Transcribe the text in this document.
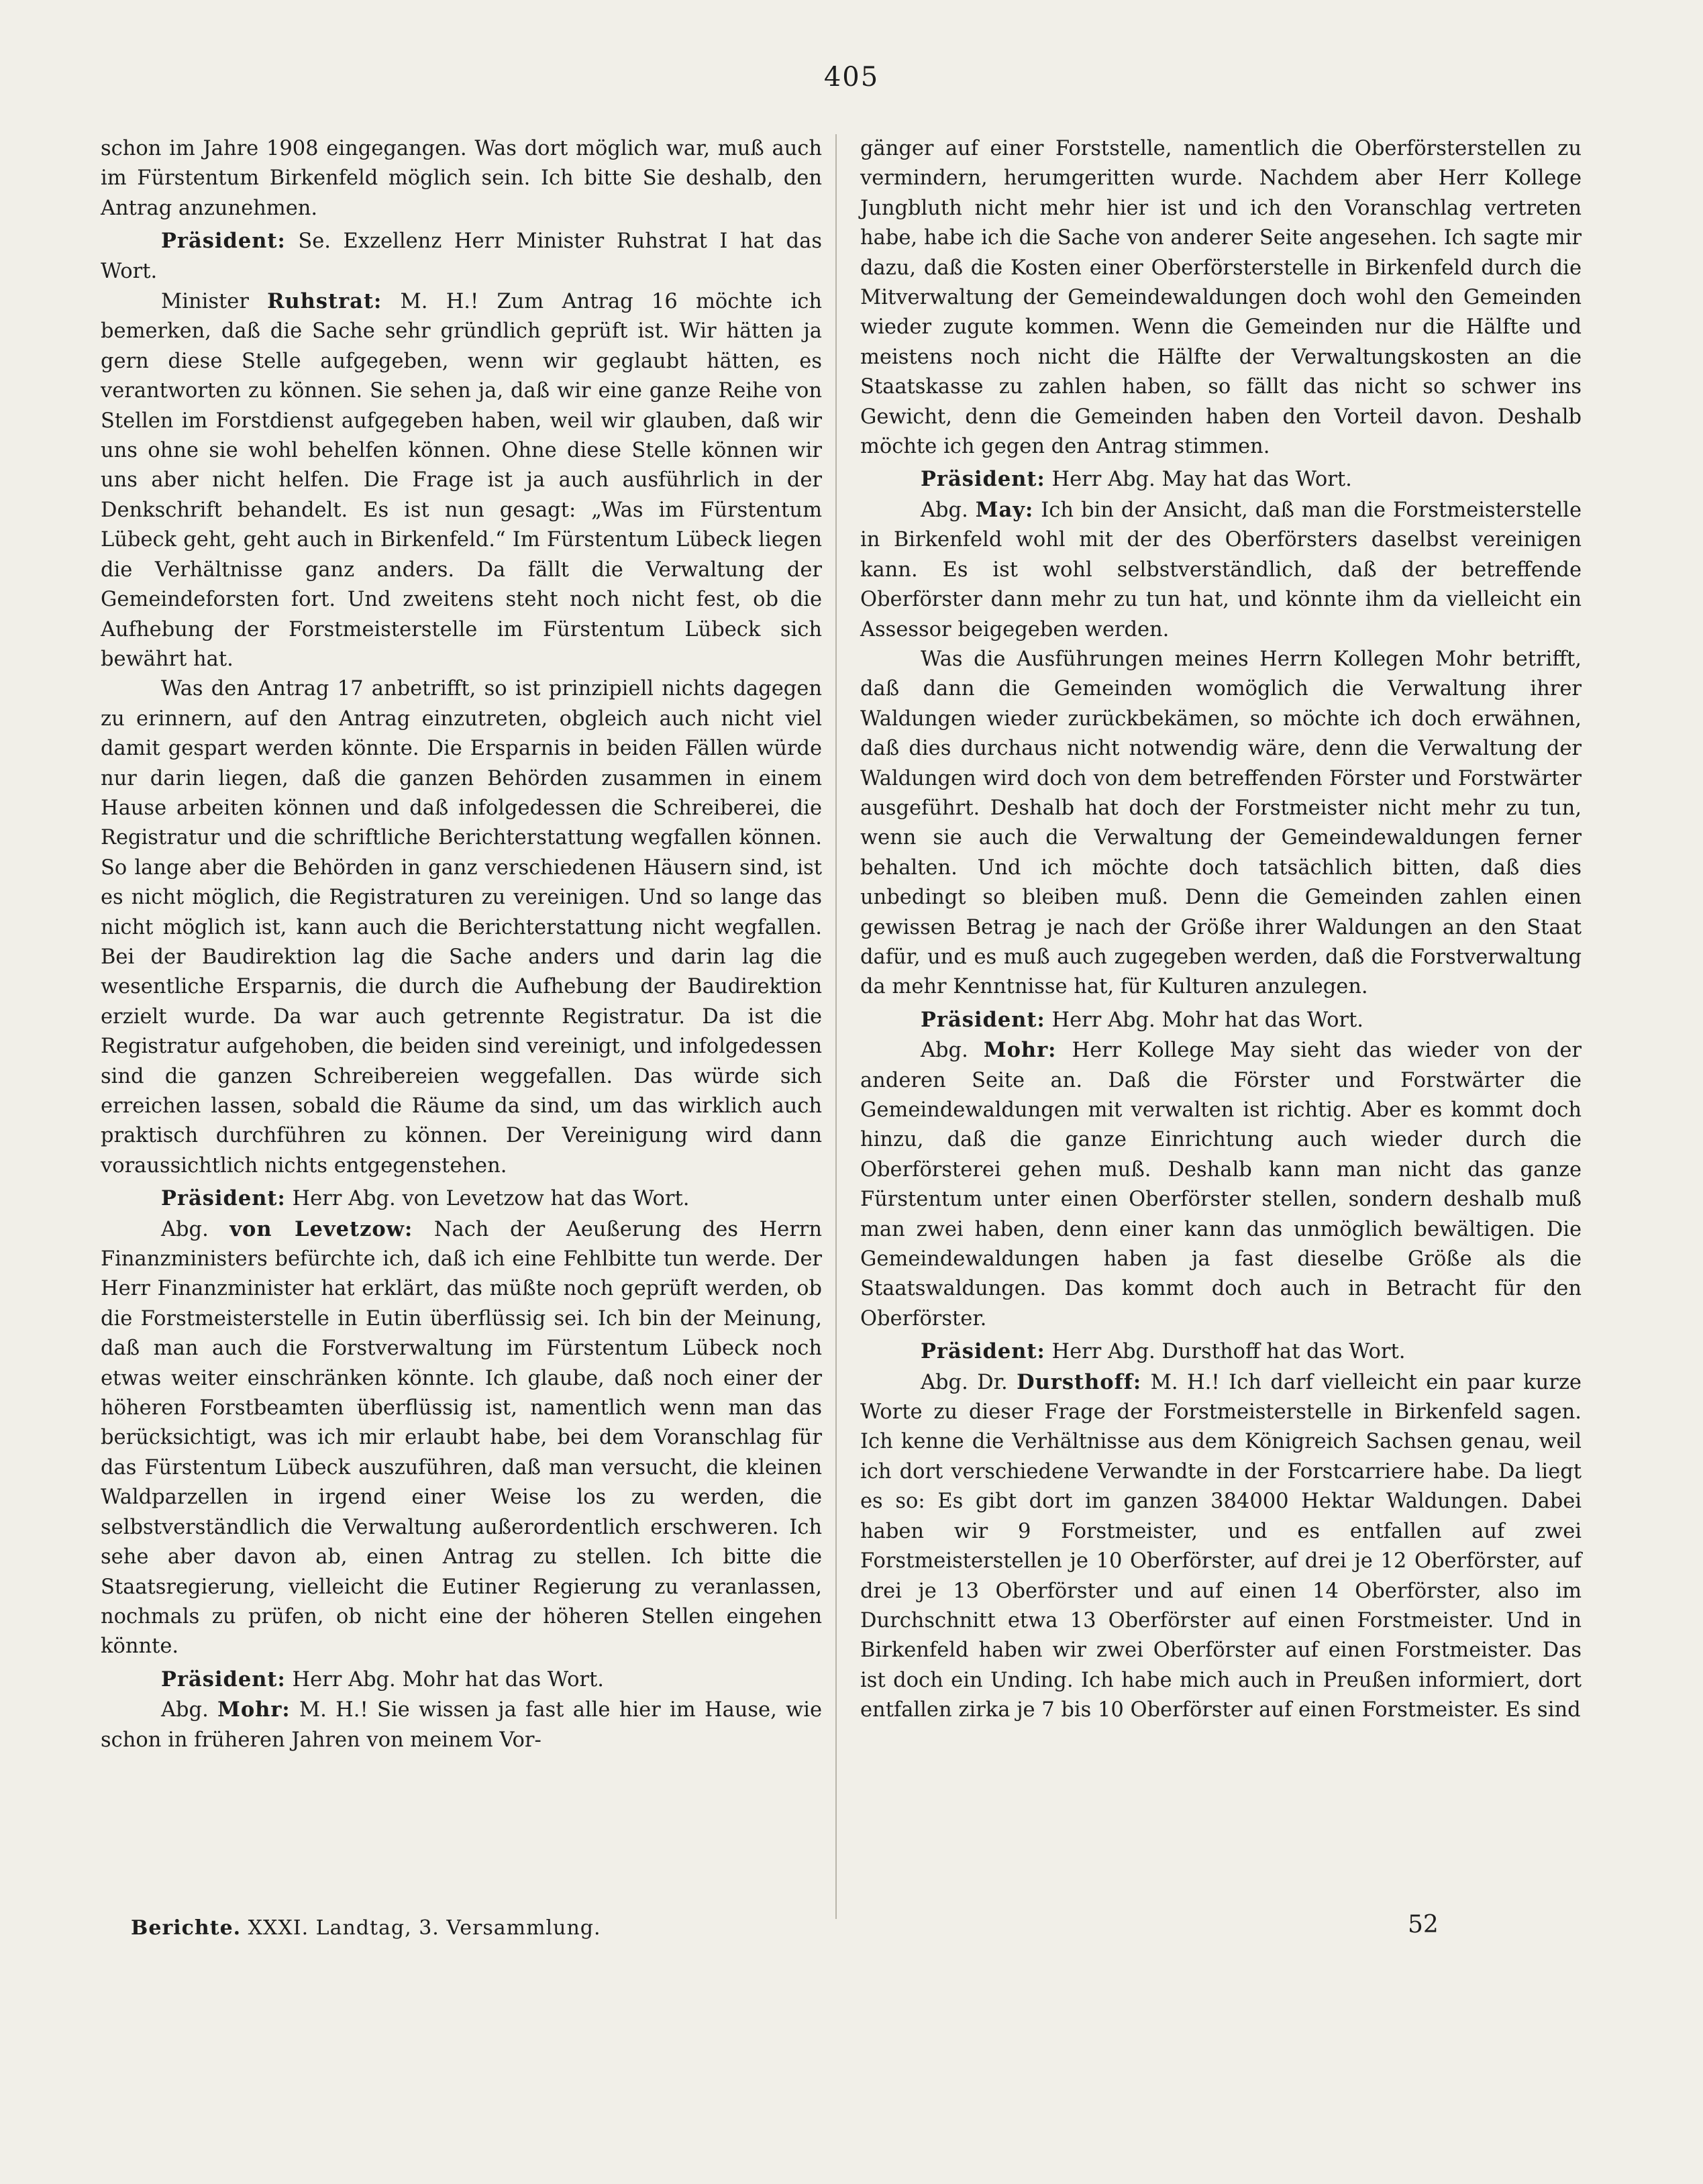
405

schon im Jahre 1908 eingegangen. Was dort möglich war, muß auch im Fürstentum Birkenfeld möglich sein. Ich bitte Sie deshalb, den Antrag anzunehmen.

Präsident: Se. Exzellenz Herr Minister Ruhstrat I hat das Wort.

Minister Ruhstrat: M. H.! Zum Antrag 16 möchte ich bemerken, daß die Sache sehr gründlich geprüft ist. Wir hätten ja gern diese Stelle aufgegeben, wenn wir geglaubt hätten, es verantworten zu können. Sie sehen ja, daß wir eine ganze Reihe von Stellen im Forstdienst aufgegeben haben, weil wir glauben, daß wir uns ohne sie wohl behelfen können. Ohne diese Stelle können wir uns aber nicht helfen. Die Frage ist ja auch ausführlich in der Denkschrift behandelt. Es ist nun gesagt: „Was im Fürstentum Lübeck geht, geht auch in Birkenfeld.“ Im Fürstentum Lübeck liegen die Verhältnisse ganz anders. Da fällt die Verwaltung der Gemeindeforsten fort. Und zweitens steht noch nicht fest, ob die Aufhebung der Forstmeisterstelle im Fürstentum Lübeck sich bewährt hat.

Was den Antrag 17 anbetrifft, so ist prinzipiell nichts dagegen zu erinnern, auf den Antrag einzutreten, obgleich auch nicht viel damit gespart werden könnte. Die Ersparnis in beiden Fällen würde nur darin liegen, daß die ganzen Behörden zusammen in einem Hause arbeiten können und daß infolgedessen die Schreiberei, die Registratur und die schriftliche Berichterstattung wegfallen können. So lange aber die Behörden in ganz verschiedenen Häusern sind, ist es nicht möglich, die Registraturen zu vereinigen. Und so lange das nicht möglich ist, kann auch die Berichterstattung nicht wegfallen. Bei der Baudirektion lag die Sache anders und darin lag die wesentliche Ersparnis, die durch die Aufhebung der Baudirektion erzielt wurde. Da war auch getrennte Registratur. Da ist die Registratur aufgehoben, die beiden sind vereinigt, und infolgedessen sind die ganzen Schreibereien weggefallen. Das würde sich erreichen lassen, sobald die Räume da sind, um das wirklich auch praktisch durchführen zu können. Der Vereinigung wird dann voraussichtlich nichts entgegenstehen.

Präsident: Herr Abg. von Levetzow hat das Wort.

Abg. von Levetzow: Nach der Aeußerung des Herrn Finanzministers befürchte ich, daß ich eine Fehlbitte tun werde. Der Herr Finanzminister hat erklärt, das müßte noch geprüft werden, ob die Forstmeisterstelle in Eutin überflüssig sei. Ich bin der Meinung, daß man auch die Forstverwaltung im Fürstentum Lübeck noch etwas weiter einschränken könnte. Ich glaube, daß noch einer der höheren Forstbeamten überflüssig ist, namentlich wenn man das berücksichtigt, was ich mir erlaubt habe, bei dem Voranschlag für das Fürstentum Lübeck auszuführen, daß man versucht, die kleinen Waldparzellen in irgend einer Weise los zu werden, die selbstverständlich die Verwaltung außerordentlich erschweren. Ich sehe aber davon ab, einen Antrag zu stellen. Ich bitte die Staatsregierung, vielleicht die Eutiner Regierung zu veranlassen, nochmals zu prüfen, ob nicht eine der höheren Stellen eingehen könnte.

Präsident: Herr Abg. Mohr hat das Wort.

Abg. Mohr: M. H.! Sie wissen ja fast alle hier im Hause, wie schon in früheren Jahren von meinem Vor-

gänger auf einer Forststelle, namentlich die Oberförsterstellen zu vermindern, herumgeritten wurde. Nachdem aber Herr Kollege Jungbluth nicht mehr hier ist und ich den Voranschlag vertreten habe, habe ich die Sache von anderer Seite angesehen. Ich sagte mir dazu, daß die Kosten einer Oberförsterstelle in Birkenfeld durch die Mitverwaltung der Gemeindewaldungen doch wohl den Gemeinden wieder zugute kommen. Wenn die Gemeinden nur die Hälfte und meistens noch nicht die Hälfte der Verwaltungskosten an die Staatskasse zu zahlen haben, so fällt das nicht so schwer ins Gewicht, denn die Gemeinden haben den Vorteil davon. Deshalb möchte ich gegen den Antrag stimmen.

Präsident: Herr Abg. May hat das Wort.

Abg. May: Ich bin der Ansicht, daß man die Forstmeisterstelle in Birkenfeld wohl mit der des Oberförsters daselbst vereinigen kann. Es ist wohl selbstverständlich, daß der betreffende Oberförster dann mehr zu tun hat, und könnte ihm da vielleicht ein Assessor beigegeben werden.

Was die Ausführungen meines Herrn Kollegen Mohr betrifft, daß dann die Gemeinden womöglich die Verwaltung ihrer Waldungen wieder zurückbekämen, so möchte ich doch erwähnen, daß dies durchaus nicht notwendig wäre, denn die Verwaltung der Waldungen wird doch von dem betreffenden Förster und Forstwärter ausgeführt. Deshalb hat doch der Forstmeister nicht mehr zu tun, wenn sie auch die Verwaltung der Gemeindewaldungen ferner behalten. Und ich möchte doch tatsächlich bitten, daß dies unbedingt so bleiben muß. Denn die Gemeinden zahlen einen gewissen Betrag je nach der Größe ihrer Waldungen an den Staat dafür, und es muß auch zugegeben werden, daß die Forstverwaltung da mehr Kenntnisse hat, für Kulturen anzulegen.

Präsident: Herr Abg. Mohr hat das Wort.

Abg. Mohr: Herr Kollege May sieht das wieder von der anderen Seite an. Daß die Förster und Forstwärter die Gemeindewaldungen mit verwalten ist richtig. Aber es kommt doch hinzu, daß die ganze Einrichtung auch wieder durch die Oberförsterei gehen muß. Deshalb kann man nicht das ganze Fürstentum unter einen Oberförster stellen, sondern deshalb muß man zwei haben, denn einer kann das unmöglich bewältigen. Die Gemeindewaldungen haben ja fast dieselbe Größe als die Staatswaldungen. Das kommt doch auch in Betracht für den Oberförster.

Präsident: Herr Abg. Dursthoff hat das Wort.

Abg. Dr. Dursthoff: M. H.! Ich darf vielleicht ein paar kurze Worte zu dieser Frage der Forstmeisterstelle in Birkenfeld sagen. Ich kenne die Verhältnisse aus dem Königreich Sachsen genau, weil ich dort verschiedene Verwandte in der Forstcarriere habe. Da liegt es so: Es gibt dort im ganzen 384000 Hektar Waldungen. Dabei haben wir 9 Forstmeister, und es entfallen auf zwei Forstmeisterstellen je 10 Oberförster, auf drei je 12 Oberförster, auf drei je 13 Oberförster und auf einen 14 Oberförster, also im Durchschnitt etwa 13 Oberförster auf einen Forstmeister. Und in Birkenfeld haben wir zwei Oberförster auf einen Forstmeister. Das ist doch ein Unding. Ich habe mich auch in Preußen informiert, dort entfallen zirka je 7 bis 10 Oberförster auf einen Forstmeister. Es sind

Berichte. XXXI. Landtag, 3. Versammlung.	52
